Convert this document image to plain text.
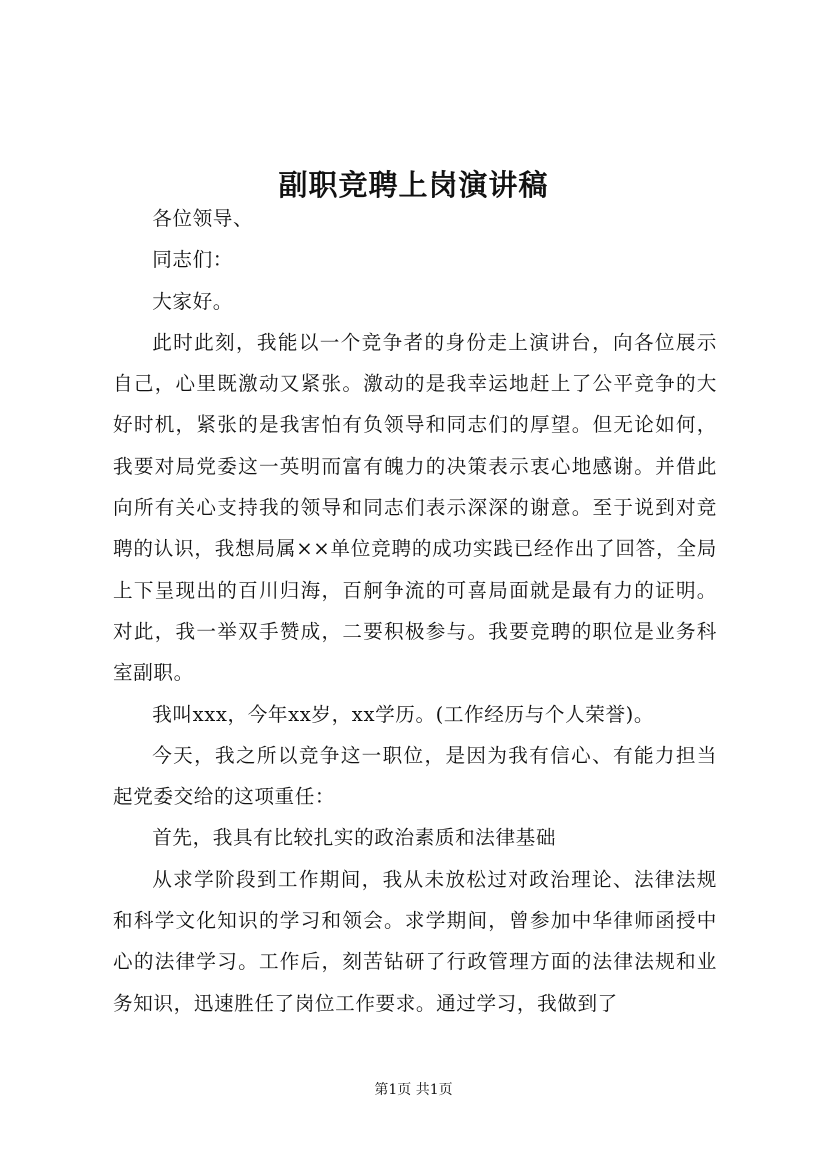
副职竞聘上岗演讲稿

各位领导、

同志们：

大家好。

此时此刻，我能以一个竞争者的身份走上演讲台，向各位展示自己，心里既激动又紧张。激动的是我幸运地赶上了公平竞争的大好时机，紧张的是我害怕有负领导和同志们的厚望。但无论如何，我要对局党委这一英明而富有魄力的决策表示衷心地感谢。并借此向所有关心支持我的领导和同志们表示深深的谢意。至于说到对竞聘的认识，我想局属××单位竞聘的成功实践已经作出了回答，全局上下呈现出的百川归海，百舸争流的可喜局面就是最有力的证明。对此，我一举双手赞成，二要积极参与。我要竞聘的职位是业务科室副职。

我叫xxx，今年xx岁，xx学历。(工作经历与个人荣誉)。

今天，我之所以竞争这一职位，是因为我有信心、有能力担当起党委交给的这项重任：

首先，我具有比较扎实的政治素质和法律基础

从求学阶段到工作期间，我从未放松过对政治理论、法律法规和科学文化知识的学习和领会。求学期间，曾参加中华律师函授中心的法律学习。工作后，刻苦钻研了行政管理方面的法律法规和业务知识，迅速胜任了岗位工作要求。通过学习，我做到了

第1页 共1页
